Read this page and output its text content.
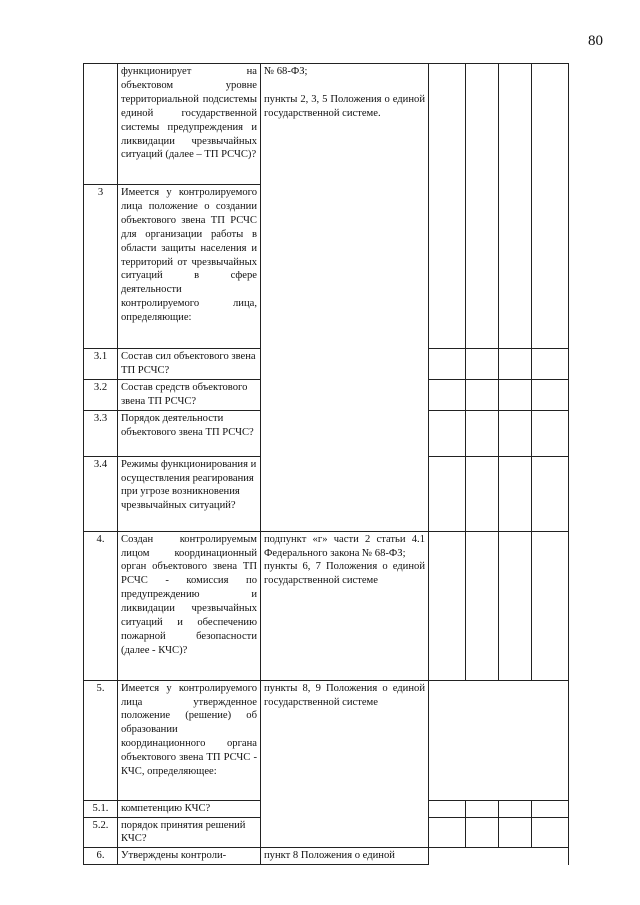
80
	функционирует на объектовом уровне территориальной подсистемы единой государственной системы предупреждения и ликвидации чрезвычайных ситуаций (далее – ТП РСЧС)?	№ 68-ФЗ;
пункты 2, 3, 5 Положения о единой государственной системе.				

3	Имеется у контролируемого лица положение о создании объектового звена ТП РСЧС для организации работы в области защиты населения и территорий от чрезвычайных ситуаций в сфере деятельности контролируемого лица, определяющие:					
3.1	Состав сил объектового звена ТП РСЧС?					
3.2	Состав средств объектового звена ТП РСЧС?					
3.3	Порядок деятельности объектового звена ТП РСЧС?					
3.4	Режимы функционирования и осуществления реагирования при угрозе возникновения чрезвычайных ситуаций?					
4.	Создан контролируемым лицом координационный орган объектового звена ТП РСЧС - комиссия по предупреждению и ликвидации чрезвычайных ситуаций и обеспечению пожарной безопасности (далее - КЧС)?	подпункт «г» части 2 статьи 4.1 Федерального закона № 68-ФЗ;
пункты 6, 7 Положения о единой государственной системе				

5.	Имеется у контролируемого лица утвержденное положение (решение) об образовании координационного органа объектового звена ТП РСЧС - КЧС, определяющее:	пункты 8, 9 Положения о единой государственной системе				
5.1.	компетенцию КЧС?					
5.2.	порядок принятия решений КЧС?					
6.	Утверждены контроли-	пункт 8 Положения о единой				
